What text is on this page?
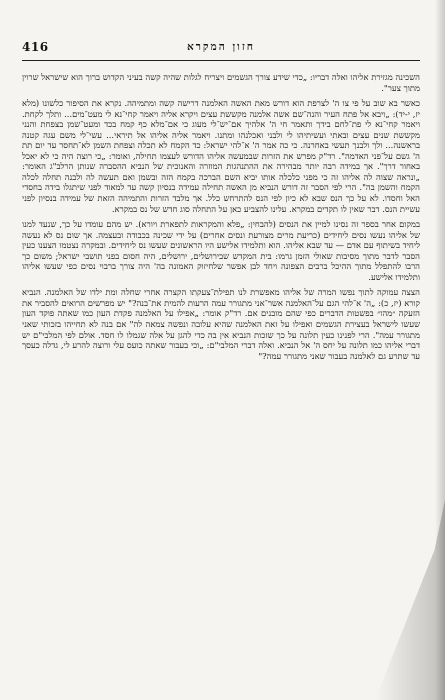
416	חזון המקרא

השכינה מגזירת אליהו ואלה דבריו: „כדי שידע צורך הגשמים ויצריח לגלות שהיה קשה בעיני הקדוש ברוך הוא שישראל שרוין מתוך צער".

כאשר בא שוב על פי צו ה' לצרפת הוא דורש מאת האשה האלמנה דרישה קשה ומתמיהה. נקרא את הסיפור כלשונו (מלא יז, י-יד): „ויבא אל פתח העיר והנה־שם אשה אלמנה מקששת עצים ויקרא אליה ויאמר קחי־נא לי מעט־מים... ותלך לקחת. ויאמר קחי־נא לי פת־לחם בידך ותאמר חי ה' אלהיך אם־יש־לי מעוג כי אם־מלא כף קמח בכד ומעט־שמן בצפחת והנני מקששת שנים עצים ובאתי ועשיתיהו לי ולבני ואכלנהו ומתנו. ויאמר אליה אליהו אל תיראי... עשי־לי משם עגה קטנה בראשנה... ולך ולבנך תעשי באחרנה. כי כה אמר ה' א־להי ישראל: כד הקמח לא תכלה וצפחת השמן לא־תחסר עד יום תת ה' גשם על־פני האדמה". רד"ק מפרש את הזרות שבמעשה אליהו הדורש לעצמו תחילה, ואומר: „כי רוצה היה כי לא יאכל באחור דרך". אך במידה רבה יותר מבהירה את ההתנהגות המוזרה והאנוכית של הנביא ההסברה שנותן הרלב"ג האומר: „ונראה שצוה לה אליהו זה כי מפני כלכלה אותו יביא השם הברכה בקמח הזה ובשמן ואם תעשה לה ולבנה תחלה לכלה הקמח והשמן בה". הרי לפי הסבר זה דורש הנביא מן האשה תחילה עמידה בנסיון קשה עד למאוד לפני שיתגלו בידה בחסדי האל וחסדו. לא על כך הנס שבא לא כיון לפי הנס להתרחש כלל. אך מלבד הזרות והתמיהה הזאת של עמידה בנסיון לפני עשיית הנס. דבר שאין לו תקדים במקרא. עלינו להצביע כאן על התחלה סוג חדש של נס במקרא.

במקום אחר בספר זה נסינו למיין את הנסים (להבחין: „פלא והמקראות לתפארת ויורא). יש מהם עומדו על כך, שנעד למנו של אליהו נעשו נסים ליחידים (כריעת מרים מצורעת ונסים אחרים) על ידי שכינה בכבודה ובעצמה. אך שום נס לא נעשה ליחיד בשיתוף עם אדם — עד שבא אליהו. הוא ותלמידו אלישע היו הראשונים שעשו נס ליחידים. ובמקרה נצטמו הצענו כעין הסבר לדבר מתוך מסיבות שאולי הזמן גרמו: בית המקדש שבירושלים, ירושלים, היה חסום בפני תושבי ישראל; משום כך הרבו להתפלל מתוך ההיכל ברבים הצפונה ויחד לבן אפשר שלחיזוק האמונה בה' היה צורך ברבוי נסים כפי שעשו אליהו ותלמידו אלישע.

הצצה עמוקה לתוך נפשו המרה של אליהו מאפשרת לנו תפילת־צעקתו הקצרה אחרי שחלה ומת ילדו של האלמנה. הנביא קורא (יז, כ): „ה' א־להי הגם על־האלמנה אשר־אני מתגורר עמה הרעות להמית את־בנה?" יש מפרשים הרואים להסביר את הזעקה ״מהו״ בפשטות הדברים כפי שהם מובנים אם. רד"ק אומר: „אפילו על האלמנה פקדת העון כמו שאתה פוקד העון שעשו לישראל בעצירת הגשמים ואפילו על זאת האלמנה שהיא עלובה ונפשה צמאה לה" אם בנה לא תחייהו בזכותי שאני מתגורר עמה". הרי לפנינו כעין תלונה על כך שזכות הנביא אין בה כדי להגן על אלה שגמלו לו חסד. אולם לפי המלבי"ם יש דברי אליהו כמו תלונה על יחס ה' אל הנביא. ואלה דברי המלבי"ם: „וכי בעבור שאתה כועס עלי ורוצה להרע לי, גדלה כעסך עד שתרע גם לאלמנה בעבור שאני מתגורר עמה?"
